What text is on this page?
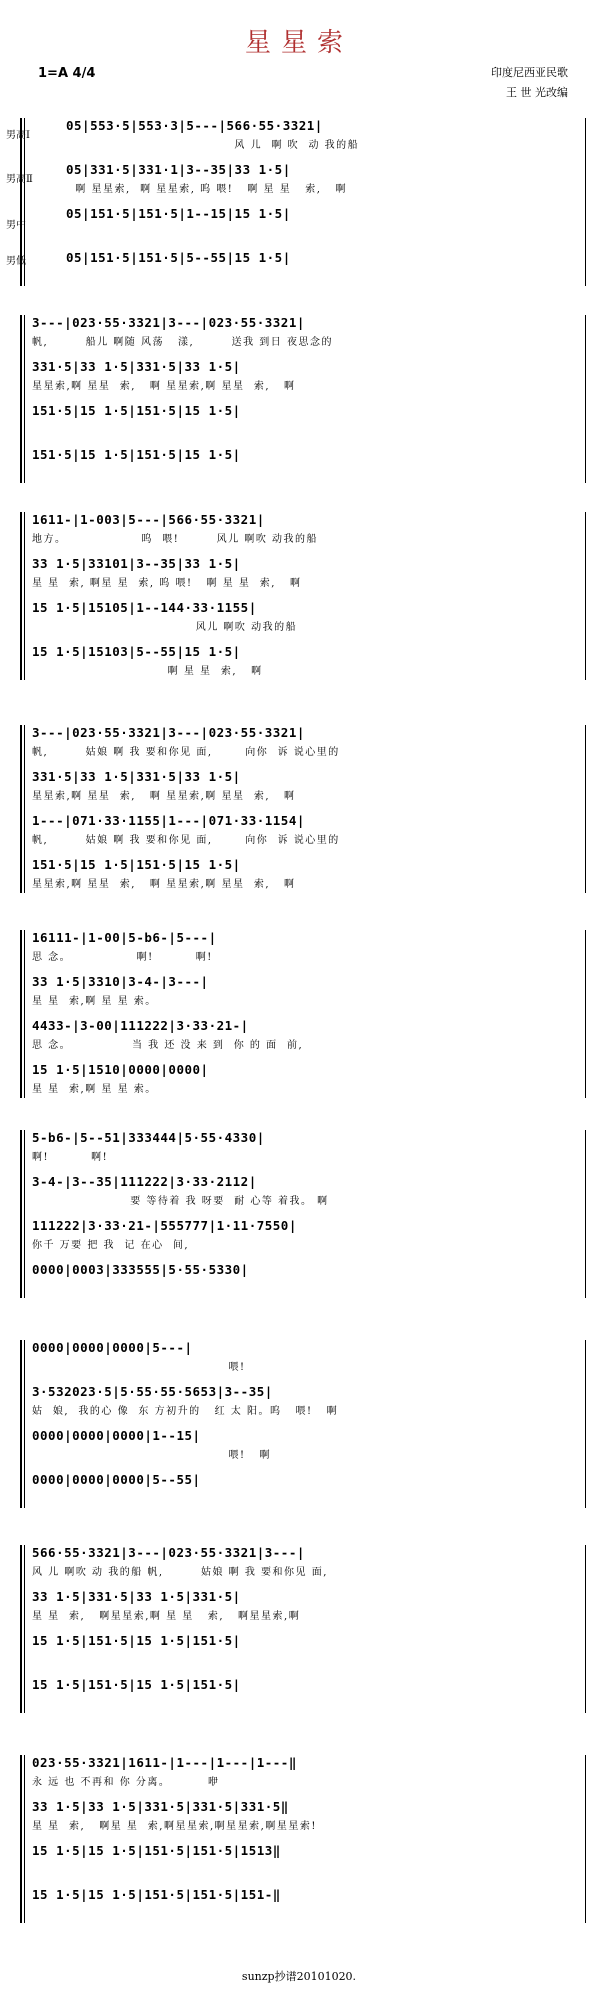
星星索
1=A 4/4	印度尼西亚民歌
王 世 光改编
男高Ⅰ
男高Ⅱ
男中
男低
05|553·5|553·3|5---|566·55·3321|
风 儿  啊 吹  动 我的船
05|331·5|331·1|3--35|33 1·5|
啊 星星索,  啊 星星索, 呜 喂!   啊 星 星   索,   啊
05|151·5|151·5|1--15|15 1·5|
05|151·5|151·5|5--55|15 1·5|
3---|023·55·3321|3---|023·55·3321|
帆,        船儿 啊随 风荡   漾,        送我 到日 夜思念的
331·5|33 1·5|331·5|33 1·5|
星星索,啊 星星  索,   啊 星星索,啊 星星  索,   啊
151·5|15 1·5|151·5|15 1·5|
151·5|15 1·5|151·5|15 1·5|
1611-|1-003|5---|566·55·3321|
地方。                呜  喂!        风儿 啊吹 动我的船
33 1·5|33101|3--35|33 1·5|
星 星  索, 啊星 星  索, 呜 喂!   啊 星 星  索,   啊
15 1·5|15105|1--144·33·1155|
风儿 啊吹 动我的船
15 1·5|15103|5--55|15 1·5|
啊 星 星  索,   啊
3---|023·55·3321|3---|023·55·3321|
帆,        姑娘 啊 我 要和你见 面,       向你  诉 说心里的
331·5|33 1·5|331·5|33 1·5|
星星索,啊 星星  索,   啊 星星索,啊 星星  索,   啊
1---|071·33·1155|1---|071·33·1154|
帆,        姑娘 啊 我 要和你见 面,       向你  诉 说心里的
151·5|15 1·5|151·5|15 1·5|
星星索,啊 星星  索,   啊 星星索,啊 星星  索,   啊
16111-|1-00|5-b6-|5---|
思 念。              啊!         啊!
33 1·5|3310|3-4-|3---|
星 星  索,啊 星 星 索。
4433-|3-00|111222|3·33·21-|
思 念。             当 我 还 没 来 到  你 的 面  前,
15 1·5|1510|0000|0000|
星 星  索,啊 星 星 索。
5-b6-|5--51|333444|5·55·4330|
啊!         啊!
3-4-|3--35|111222|3·33·2112|
要 等待着 我 呀要  耐 心等 着我。 啊
111222|3·33·21-|555777|1·11·7550|
你千 万要 把 我  记 在心  间,
0000|0003|333555|5·55·5330|
0000|0000|0000|5---|
喂!
3·532023·5|5·55·55·5653|3--35|
姑  娘,  我的心 像  东 方初升的   红 太 阳。呜   喂!   啊
0000|0000|0000|1--15|
喂!   啊
0000|0000|0000|5--55|
566·55·3321|3---|023·55·3321|3---|
风 儿 啊吹 动 我的船 帆,        姑娘 啊 我 要和你见 面,
33 1·5|331·5|33 1·5|331·5|
星 星  索,   啊星星索,啊 星 星   索,   啊星星索,啊
15 1·5|151·5|15 1·5|151·5|
15 1·5|151·5|15 1·5|151·5|
023·55·3321|1611-|1---|1---|1---‖
永 远 也 不再和 你 分离。        咿
33 1·5|33 1·5|331·5|331·5|331·5‖
星 星  索,   啊星 星  索,啊星星索,啊星星索,啊星星索!
15 1·5|15 1·5|151·5|151·5|1513‖
15 1·5|15 1·5|151·5|151·5|151-‖
sunzp抄谱20101020.
